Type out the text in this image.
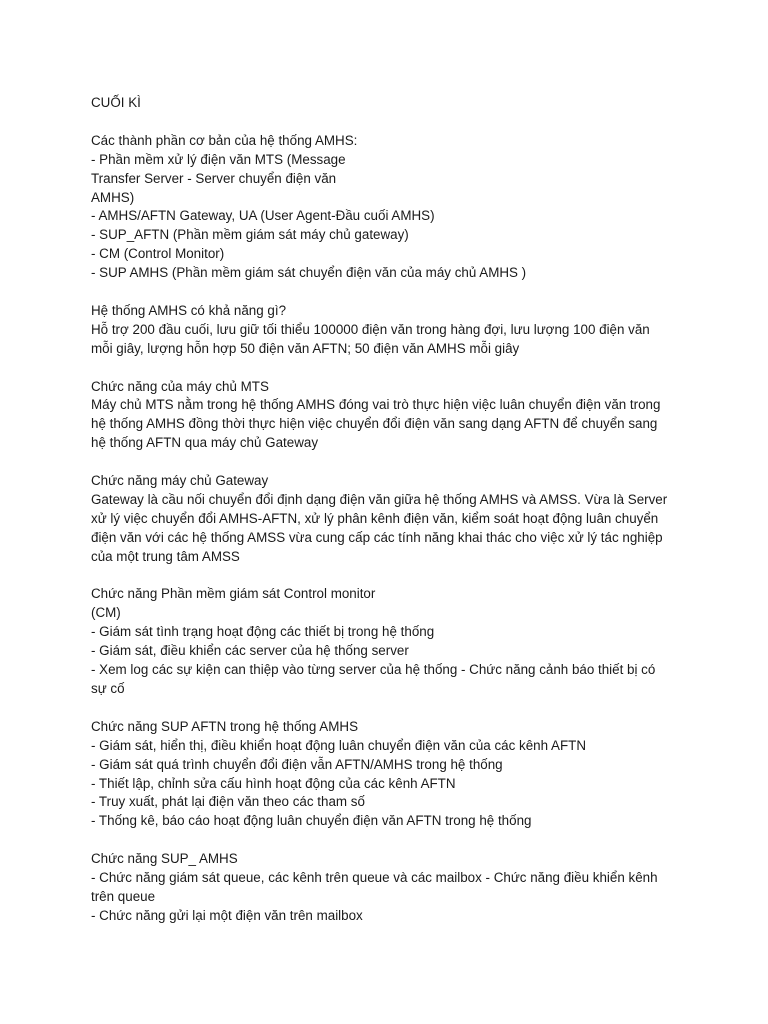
CUỐI KÌ
Các thành phần cơ bản của hệ thống AMHS:
- Phần mềm xử lý điện văn MTS (Message
Transfer Server - Server chuyển điện văn
AMHS)
- AMHS/AFTN Gateway, UA (User Agent-Đầu cuối AMHS)
- SUP_AFTN (Phần mềm giám sát máy chủ gateway)
- CM (Control Monitor)
- SUP AMHS (Phần mềm giám sát chuyển điện văn của máy chủ AMHS )
Hệ thống AMHS có khả năng gì?
Hỗ trợ 200 đầu cuối, lưu giữ tối thiểu 100000 điện văn trong hàng đợi, lưu lượng 100 điện văn
mỗi giây, lượng hỗn hợp 50 điện văn AFTN; 50 điện văn AMHS mỗi giây
Chức năng của máy chủ MTS
Máy chủ MTS nằm trong hệ thống AMHS đóng vai trò thực hiện việc luân chuyển điện văn trong
hệ thống AMHS đồng thời thực hiện việc chuyển đổi điện văn sang dạng AFTN để chuyển sang
hệ thống AFTN qua máy chủ Gateway
Chức năng máy chủ Gateway
Gateway là cầu nối chuyển đổi định dạng điện văn giữa hệ thống AMHS và AMSS. Vừa là Server
xử lý việc chuyển đổi AMHS-AFTN, xử lý phân kênh điện văn, kiểm soát hoạt động luân chuyển
điện văn với các hệ thống AMSS vừa cung cấp các tính năng khai thác cho việc xử lý tác nghiệp
của một trung tâm AMSS
Chức năng Phần mềm giám sát Control monitor
(CM)
- Giám sát tình trạng hoạt động các thiết bị trong hệ thống
- Giám sát, điều khiển các server của hệ thống server
- Xem log các sự kiện can thiệp vào từng server của hệ thống - Chức năng cảnh báo thiết bị có
sự cố
Chức năng SUP AFTN trong hệ thống AMHS
- Giám sát, hiển thị, điều khiển hoạt động luân chuyển điện văn của các kênh AFTN
- Giám sát quá trình chuyển đổi điện vẫn AFTN/AMHS trong hệ thống
- Thiết lập, chỉnh sửa cấu hình hoạt động của các kênh AFTN
- Truy xuất, phát lại điện văn theo các tham số
- Thống kê, báo cáo hoạt động luân chuyển điện văn AFTN trong hệ thống
Chức năng SUP_ AMHS
- Chức năng giám sát queue, các kênh trên queue và các mailbox - Chức năng điều khiển kênh
trên queue
- Chức năng gửi lại một điện văn trên mailbox
